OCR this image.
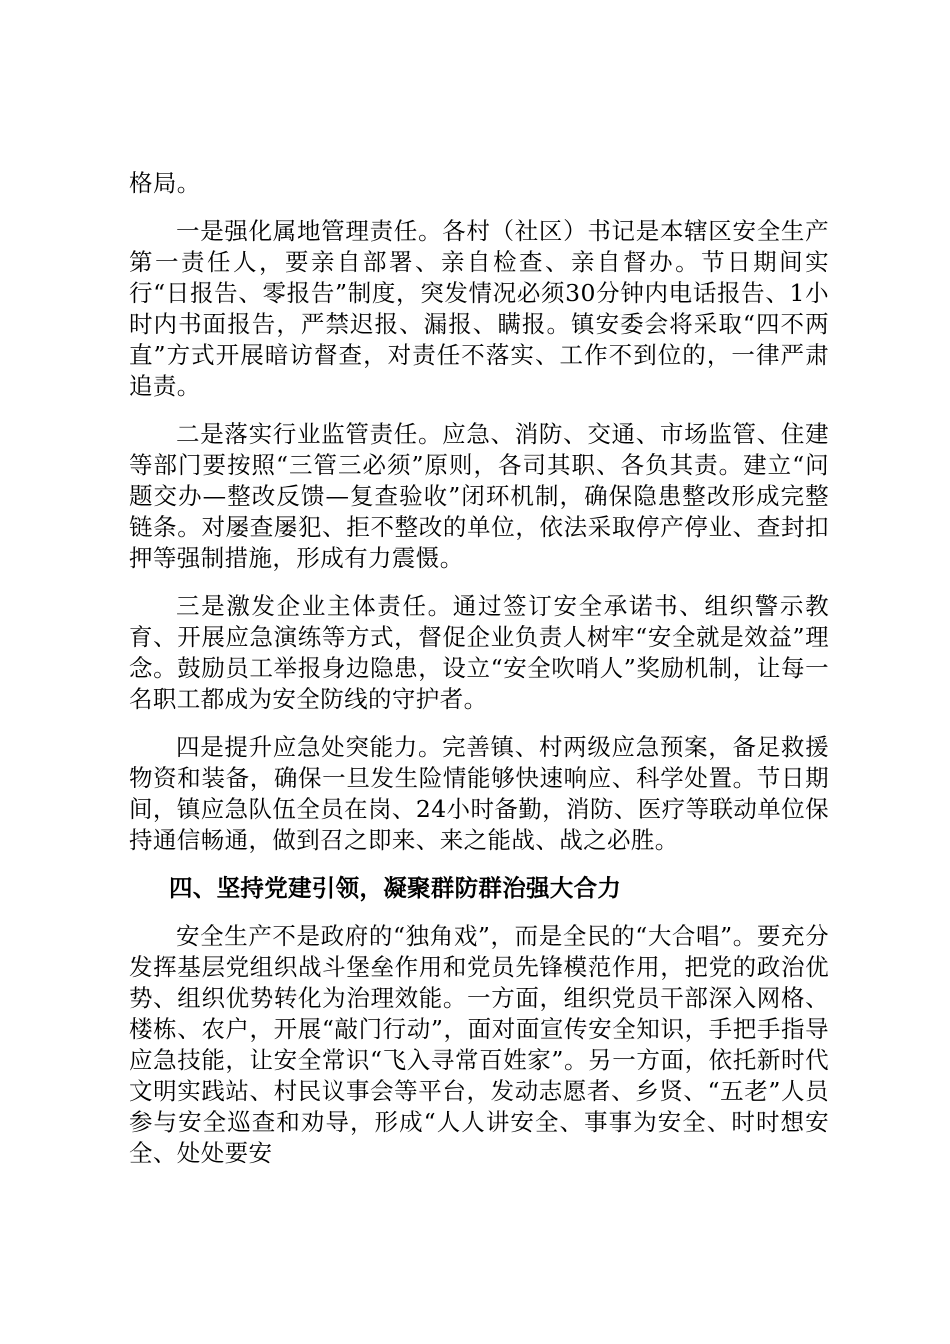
格局。

一是强化属地管理责任。各村（社区）书记是本辖区安全生产第一责任人，要亲自部署、亲自检查、亲自督办。节日期间实行“日报告、零报告”制度，突发情况必须30分钟内电话报告、1小时内书面报告，严禁迟报、漏报、瞒报。镇安委会将采取“四不两直”方式开展暗访督查，对责任不落实、工作不到位的，一律严肃追责。

二是落实行业监管责任。应急、消防、交通、市场监管、住建等部门要按照“三管三必须”原则，各司其职、各负其责。建立“问题交办—整改反馈—复查验收”闭环机制，确保隐患整改形成完整链条。对屡查屡犯、拒不整改的单位，依法采取停产停业、查封扣押等强制措施，形成有力震慑。

三是激发企业主体责任。通过签订安全承诺书、组织警示教育、开展应急演练等方式，督促企业负责人树牢“安全就是效益”理念。鼓励员工举报身边隐患，设立“安全吹哨人”奖励机制，让每一名职工都成为安全防线的守护者。

四是提升应急处突能力。完善镇、村两级应急预案，备足救援物资和装备，确保一旦发生险情能够快速响应、科学处置。节日期间，镇应急队伍全员在岗、24小时备勤，消防、医疗等联动单位保持通信畅通，做到召之即来、来之能战、战之必胜。

四、坚持党建引领，凝聚群防群治强大合力

安全生产不是政府的“独角戏”，而是全民的“大合唱”。要充分发挥基层党组织战斗堡垒作用和党员先锋模范作用，把党的政治优势、组织优势转化为治理效能。一方面，组织党员干部深入网格、楼栋、农户，开展“敲门行动”，面对面宣传安全知识，手把手指导应急技能，让安全常识“飞入寻常百姓家”。另一方面，依托新时代文明实践站、村民议事会等平台，发动志愿者、乡贤、“五老”人员参与安全巡查和劝导，形成“人人讲安全、事事为安全、时时想安全、处处要安
